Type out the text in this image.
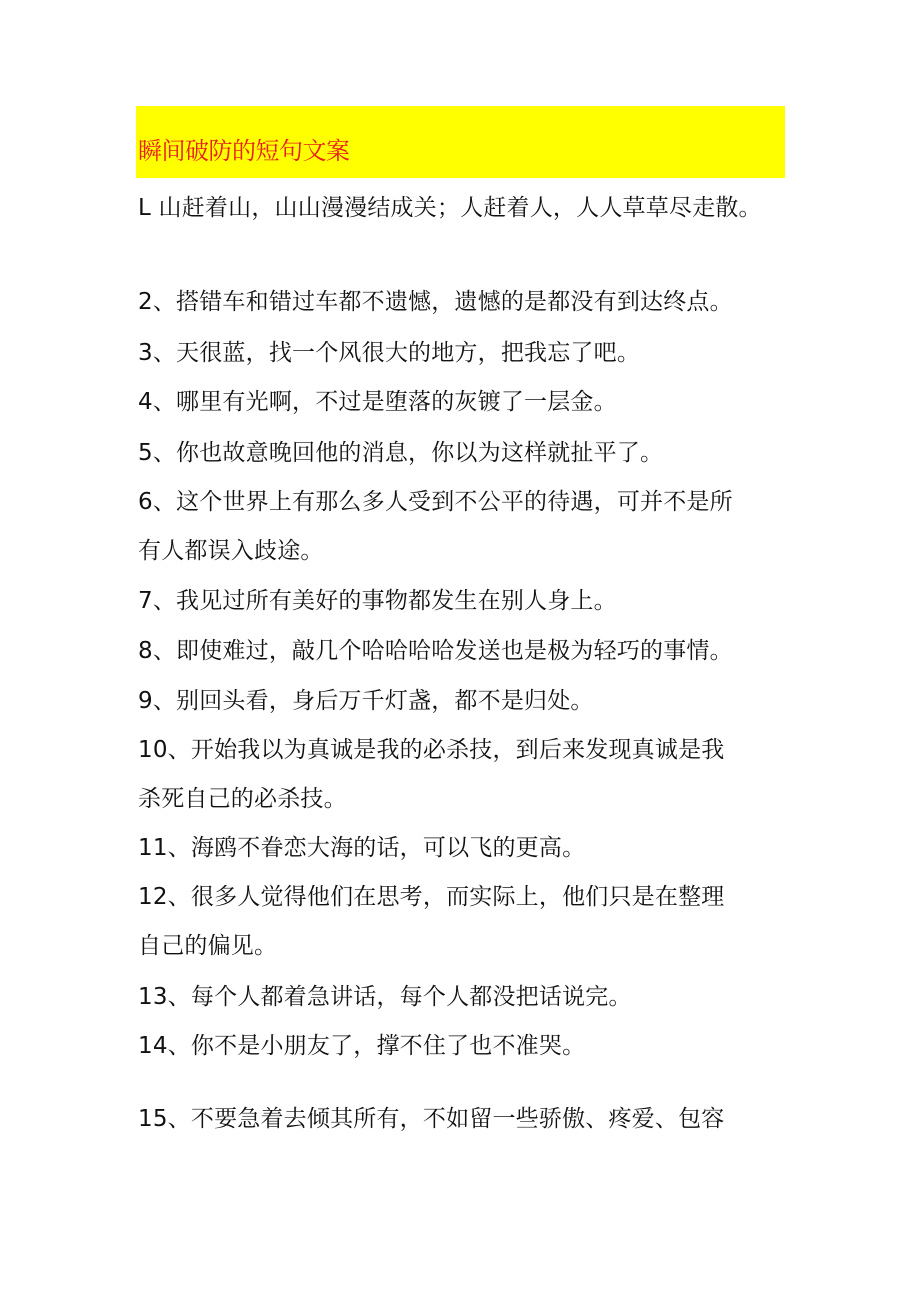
瞬间破防的短句文案
L 山赶着山，山山漫漫结成关；人赶着人，人人草草尽走散。
2、搭错车和错过车都不遗憾，遗憾的是都没有到达终点。
3、天很蓝，找一个风很大的地方，把我忘了吧。
4、哪里有光啊，不过是堕落的灰镀了一层金。
5、你也故意晚回他的消息，你以为这样就扯平了。
6、这个世界上有那么多人受到不公平的待遇，可并不是所
有人都误入歧途。
7、我见过所有美好的事物都发生在别人身上。
8、即使难过，敲几个哈哈哈哈发送也是极为轻巧的事情。
9、别回头看，身后万千灯盏，都不是归处。
10、开始我以为真诚是我的必杀技，到后来发现真诚是我
杀死自己的必杀技。
11、海鸥不眷恋大海的话，可以飞的更高。
12、很多人觉得他们在思考，而实际上，他们只是在整理
自己的偏见。
13、每个人都着急讲话，每个人都没把话说完。
14、你不是小朋友了，撑不住了也不准哭。
15、不要急着去倾其所有，不如留一些骄傲、疼爱、包容
